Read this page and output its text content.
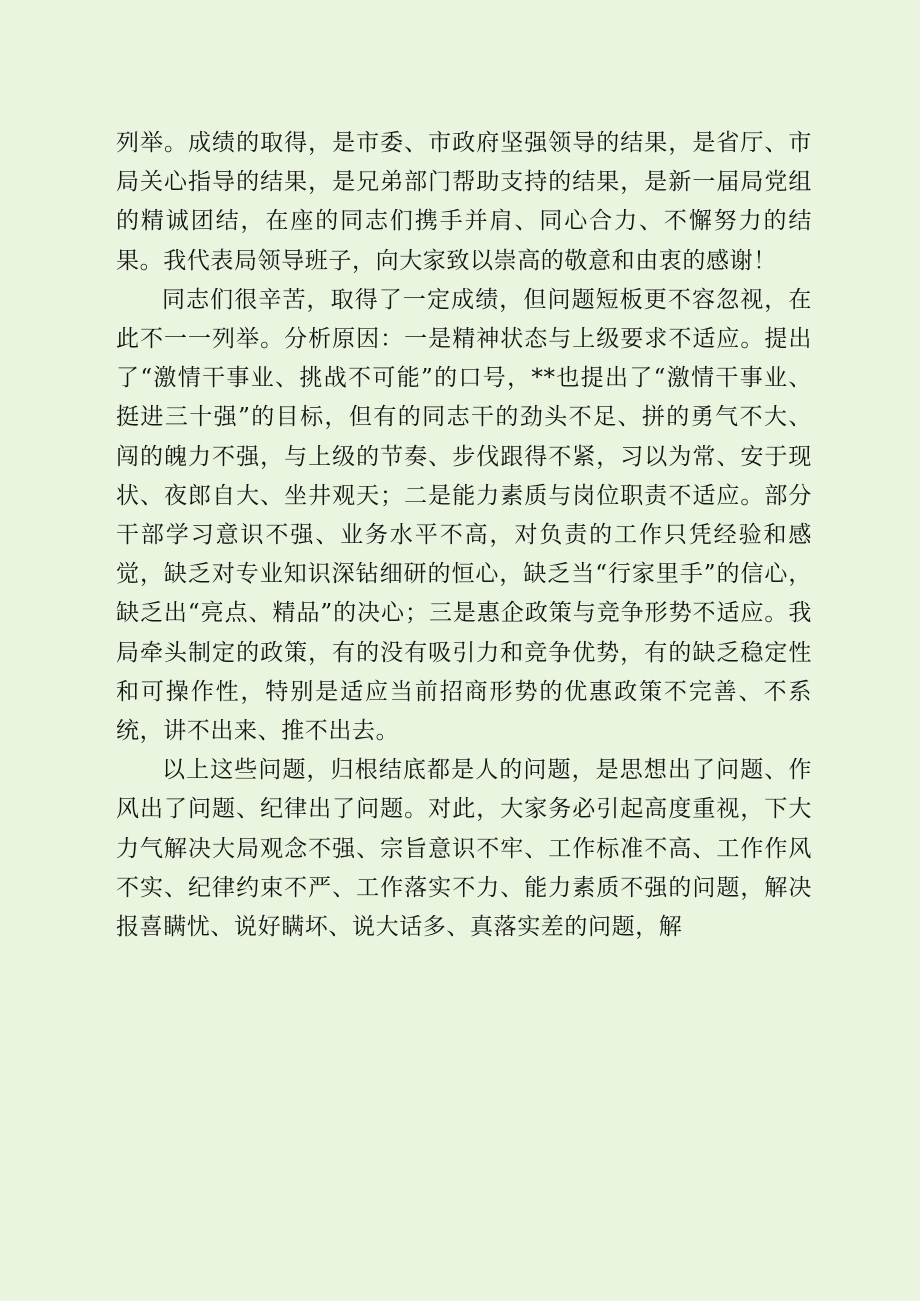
列举。成绩的取得，是市委、市政府坚强领导的结果，是省厅、市局关心指导的结果，是兄弟部门帮助支持的结果，是新一届局党组的精诚团结，在座的同志们携手并肩、同心合力、不懈努力的结果。我代表局领导班子，向大家致以崇高的敬意和由衷的感谢！

同志们很辛苦，取得了一定成绩，但问题短板更不容忽视，在此不一一列举。分析原因：一是精神状态与上级要求不适应。提出了“激情干事业、挑战不可能”的口号，**也提出了“激情干事业、挺进三十强”的目标，但有的同志干的劲头不足、拼的勇气不大、闯的魄力不强，与上级的节奏、步伐跟得不紧，习以为常、安于现状、夜郎自大、坐井观天；二是能力素质与岗位职责不适应。部分干部学习意识不强、业务水平不高，对负责的工作只凭经验和感觉，缺乏对专业知识深钻细研的恒心，缺乏当“行家里手”的信心，缺乏出“亮点、精品”的决心；三是惠企政策与竞争形势不适应。我局牵头制定的政策，有的没有吸引力和竞争优势，有的缺乏稳定性和可操作性，特别是适应当前招商形势的优惠政策不完善、不系统，讲不出来、推不出去。

以上这些问题，归根结底都是人的问题，是思想出了问题、作风出了问题、纪律出了问题。对此，大家务必引起高度重视，下大力气解决大局观念不强、宗旨意识不牢、工作标准不高、工作作风不实、纪律约束不严、工作落实不力、能力素质不强的问题，解决报喜瞒忧、说好瞒坏、说大话多、真落实差的问题，解
